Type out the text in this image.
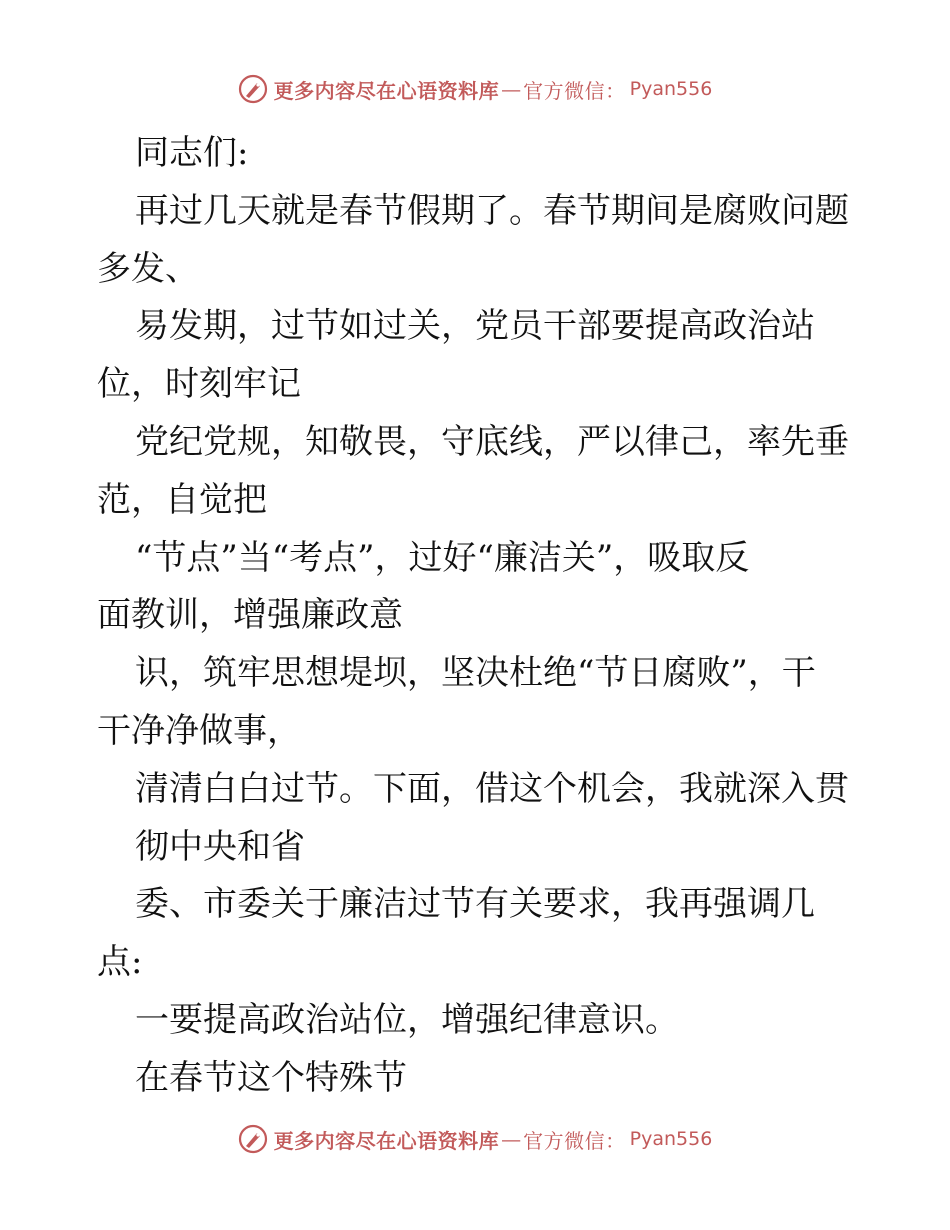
更多内容尽在心语资料库 — 官方微信： Pyan556
同志们:
再过几天就是春节假期了。春节期间是腐败问题
多发、
易发期，过节如过关，党员干部要提高政治站
位，时刻牢记
党纪党规，知敬畏，守底线，严以律己，率先垂
范，自觉把
“节点”当“考点”，过好“廉洁关”，吸取反
面教训，增强廉政意
识，筑牢思想堤坝，坚决杜绝“节日腐败”，干
干净净做事，
清清白白过节。下面，借这个机会，我就深入贯
彻中央和省
委、市委关于廉洁过节有关要求，我再强调几
点:
一要提高政治站位，增强纪律意识。
在春节这个特殊节
更多内容尽在心语资料库 — 官方微信： Pyan556
